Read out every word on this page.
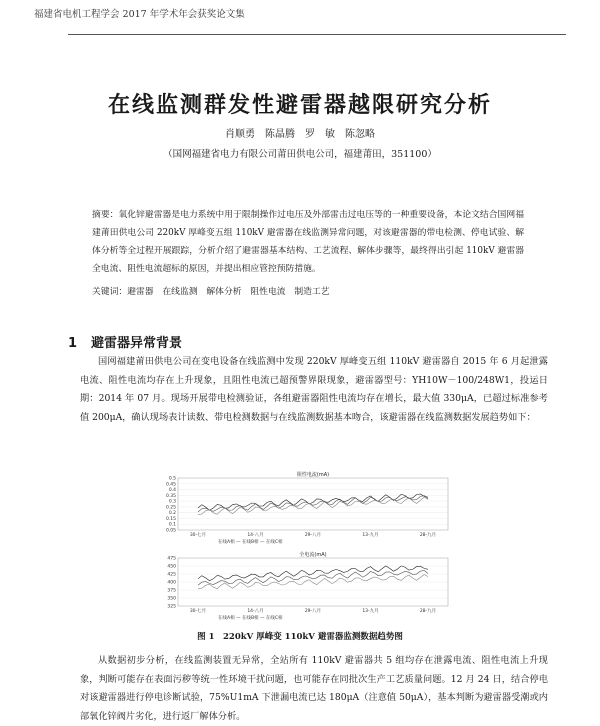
福建省电机工程学会 2017 年学术年会获奖论文集
在线监测群发性避雷器越限研究分析
肖顺勇　陈晶腾　罗　敏　陈忽略
（国网福建省电力有限公司莆田供电公司，福建莆田，351100）
摘要：氧化锌避雷器是电力系统中用于限制操作过电压及外部雷击过电压等的一种重要设备，本论文结合国网福建莆田供电公司 220kV 厚峰变五组 110kV 避雷器在线监测异常问题，对该避雷器的带电检测、停电试验、解体分析等全过程开展跟踪，分析介绍了避雷器基本结构、工艺流程、解体步骤等，最终得出引起 110kV 避雷器全电流、阻性电流超标的原因，并提出相应管控预防措施。
关键词：避雷器　在线监测　解体分析　阻性电流　制造工艺
1 避雷器异常背景
国网福建莆田供电公司在变电设备在线监测中发现 220kV 厚峰变五组 110kV 避雷器自 2015 年 6 月起泄露电流、阻性电流均存在上升现象，且阻性电流已超预警界限现象，避雷器型号：YH10W－100/248W1，投运日期：2014 年 07 月。现场开展带电检测验证，各组避雷器阻性电流均存在增长，最大值 330μA，已超过标准参考值 200μA，确认现场表计读数、带电检测数据与在线监测数据基本吻合，该避雷器在线监测数据发展趋势如下：
阻性电流(mA)
0.5
0.45
0.4
0.35
0.3
0.25
0.2
0.15
0.1
0.05
30-七月	14-八月	29-八月	13-九月	28-九月
在线A相 — 在线B相 — 在线C相
全电流(mA)
475
450
425
400
375
350
325
30-七月	14-八月	29-八月	13-九月	28-九月
在线A相 — 在线B相 — 在线C相
图 1　220kV 厚峰变 110kV 避雷器监测数据趋势图
从数据初步分析，在线监测装置无异常，全站所有 110kV 避雷器共 5 组均存在泄露电流、阻性电流上升现象，判断可能存在表面污秽等统一性环境干扰问题，也可能存在同批次生产工艺质量问题。12 月 24 日，结合停电对该避雷器进行停电诊断试验，75%U1mA 下泄漏电流已达 180μA（注意值 50μA），基本判断为避雷器受潮或内部氧化锌阀片劣化，进行返厂解体分析。
